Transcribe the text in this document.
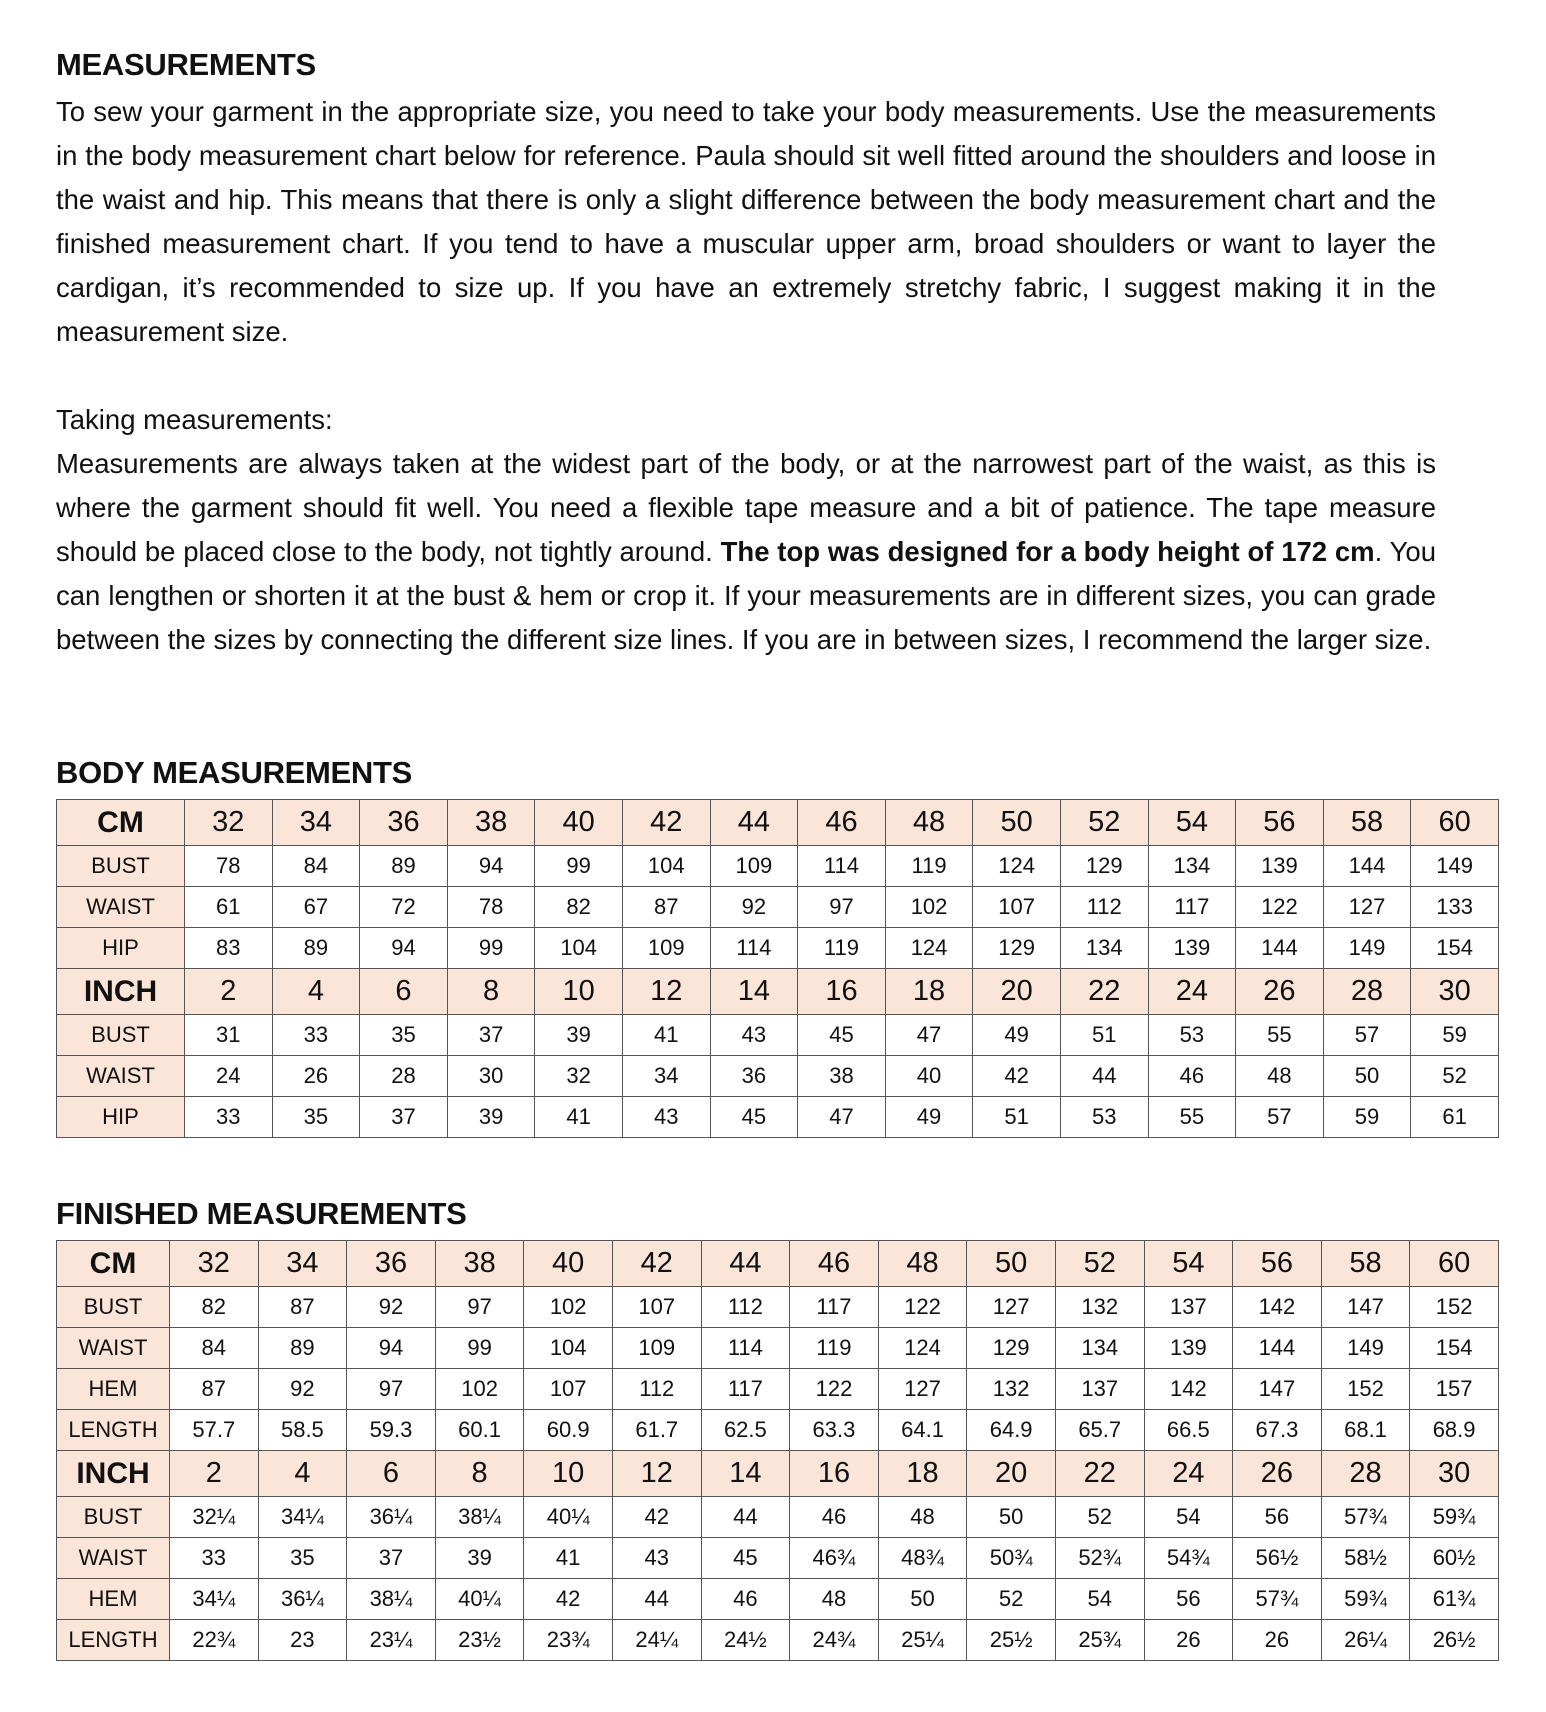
MEASUREMENTS

To sew your garment in the appropriate size, you need to take your body measurements. Use the measurements in the body measurement chart below for reference. Paula should sit well fitted around the shoulders and loose in the waist and hip. This means that there is only a slight difference between the body measurement chart and the finished measurement chart. If you tend to have a muscular upper arm, broad shoulders or want to layer the cardigan, it’s recommended to size up. If you have an extremely stretchy fabric, I suggest making it in the measurement size.

Taking measurements:

Measurements are always taken at the widest part of the body, or at the narrowest part of the waist, as this is where the garment should fit well. You need a flexible tape measure and a bit of patience. The tape measure should be placed close to the body, not tightly around. The top was designed for a body height of 172 cm. You can lengthen or shorten it at the bust & hem or crop it. If your measurements are in different sizes, you can grade between the sizes by connecting the different size lines. If you are in between sizes, I recommend the larger size.

BODY MEASUREMENTS
CM	32	34	36	38	40	42	44	46	48	50	52	54	56	58	60
BUST	78	84	89	94	99	104	109	114	119	124	129	134	139	144	149
WAIST	61	67	72	78	82	87	92	97	102	107	112	117	122	127	133
HIP	83	89	94	99	104	109	114	119	124	129	134	139	144	149	154
INCH	2	4	6	8	10	12	14	16	18	20	22	24	26	28	30
BUST	31	33	35	37	39	41	43	45	47	49	51	53	55	57	59
WAIST	24	26	28	30	32	34	36	38	40	42	44	46	48	50	52
HIP	33	35	37	39	41	43	45	47	49	51	53	55	57	59	61
FINISHED MEASUREMENTS
CM	32	34	36	38	40	42	44	46	48	50	52	54	56	58	60
BUST	82	87	92	97	102	107	112	117	122	127	132	137	142	147	152
WAIST	84	89	94	99	104	109	114	119	124	129	134	139	144	149	154
HEM	87	92	97	102	107	112	117	122	127	132	137	142	147	152	157
LENGTH	57.7	58.5	59.3	60.1	60.9	61.7	62.5	63.3	64.1	64.9	65.7	66.5	67.3	68.1	68.9
INCH	2	4	6	8	10	12	14	16	18	20	22	24	26	28	30
BUST	32¼	34¼	36¼	38¼	40¼	42	44	46	48	50	52	54	56	57¾	59¾
WAIST	33	35	37	39	41	43	45	46¾	48¾	50¾	52¾	54¾	56½	58½	60½
HEM	34¼	36¼	38¼	40¼	42	44	46	48	50	52	54	56	57¾	59¾	61¾
LENGTH	22¾	23	23¼	23½	23¾	24¼	24½	24¾	25¼	25½	25¾	26	26	26¼	26½
